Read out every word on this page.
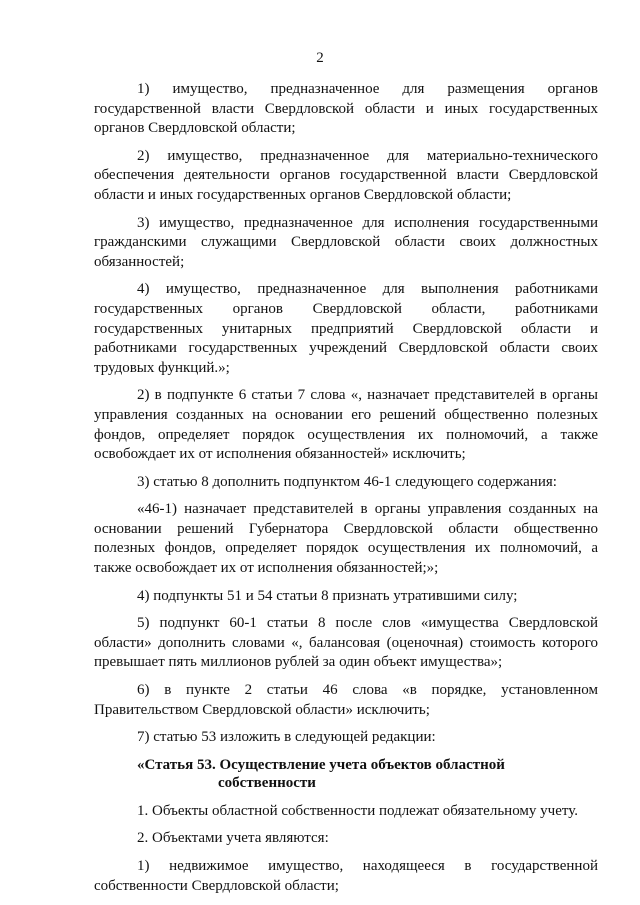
2

1) имущество, предназначенное для размещения органов государственной власти Свердловской области и иных государственных органов Свердловской области;

2) имущество, предназначенное для материально-технического обеспечения деятельности органов государственной власти Свердловской области и иных государственных органов Свердловской области;

3) имущество, предназначенное для исполнения государственными гражданскими служащими Свердловской области своих должностных обязанностей;

4) имущество, предназначенное для выполнения работниками государственных органов Свердловской области, работниками государственных унитарных предприятий Свердловской области и работниками государственных учреждений Свердловской области своих трудовых функций.»;

2) в подпункте 6 статьи 7 слова «, назначает представителей в органы управления созданных на основании его решений общественно полезных фондов, определяет порядок осуществления их полномочий, а также освобождает их от исполнения обязанностей» исключить;

3) статью 8 дополнить подпунктом 46-1 следующего содержания:

«46-1) назначает представителей в органы управления созданных на основании решений Губернатора Свердловской области общественно полезных фондов, определяет порядок осуществления их полномочий, а также освобождает их от исполнения обязанностей;»;

4) подпункты 51 и 54 статьи 8 признать утратившими силу;

5) подпункт 60-1 статьи 8 после слов «имущества Свердловской области» дополнить словами «, балансовая (оценочная) стоимость которого превышает пять миллионов рублей за один объект имущества»;

6) в пункте 2 статьи 46 слова «в порядке, установленном Правительством Свердловской области» исключить;

7) статью 53 изложить в следующей редакции:

«Статья 53. Осуществление учета объектов областной
собственности

1. Объекты областной собственности подлежат обязательному учету.

2. Объектами учета являются:

1) недвижимое имущество, находящееся в государственной собственности Свердловской области;
